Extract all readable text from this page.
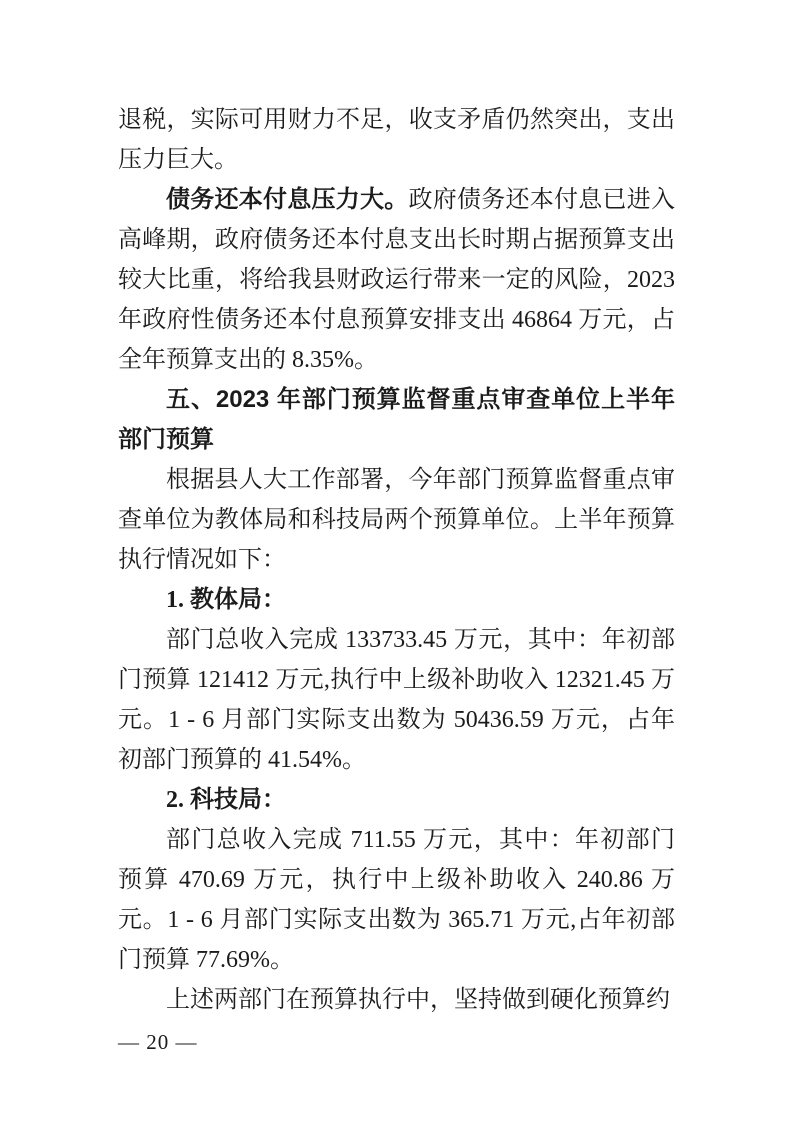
退税，实际可用财力不足，收支矛盾仍然突出，支出压力巨大。

债务还本付息压力大。政府债务还本付息已进入高峰期，政府债务还本付息支出长时期占据预算支出较大比重，将给我县财政运行带来一定的风险，2023 年政府性债务还本付息预算安排支出 46864 万元，占全年预算支出的 8.35%。

五、2023 年部门预算监督重点审查单位上半年部门预算

根据县人大工作部署，今年部门预算监督重点审查单位为教体局和科技局两个预算单位。上半年预算执行情况如下：

1. 教体局：

部门总收入完成 133733.45 万元，其中：年初部门预算 121412 万元,执行中上级补助收入 12321.45 万元。1 - 6 月部门实际支出数为 50436.59 万元，占年初部门预算的 41.54%。

2. 科技局：

部门总收入完成 711.55 万元，其中：年初部门预算 470.69 万元，执行中上级补助收入 240.86 万元。1 - 6 月部门实际支出数为 365.71 万元,占年初部门预算 77.69%。

上述两部门在预算执行中，坚持做到硬化预算约

— 20 —
